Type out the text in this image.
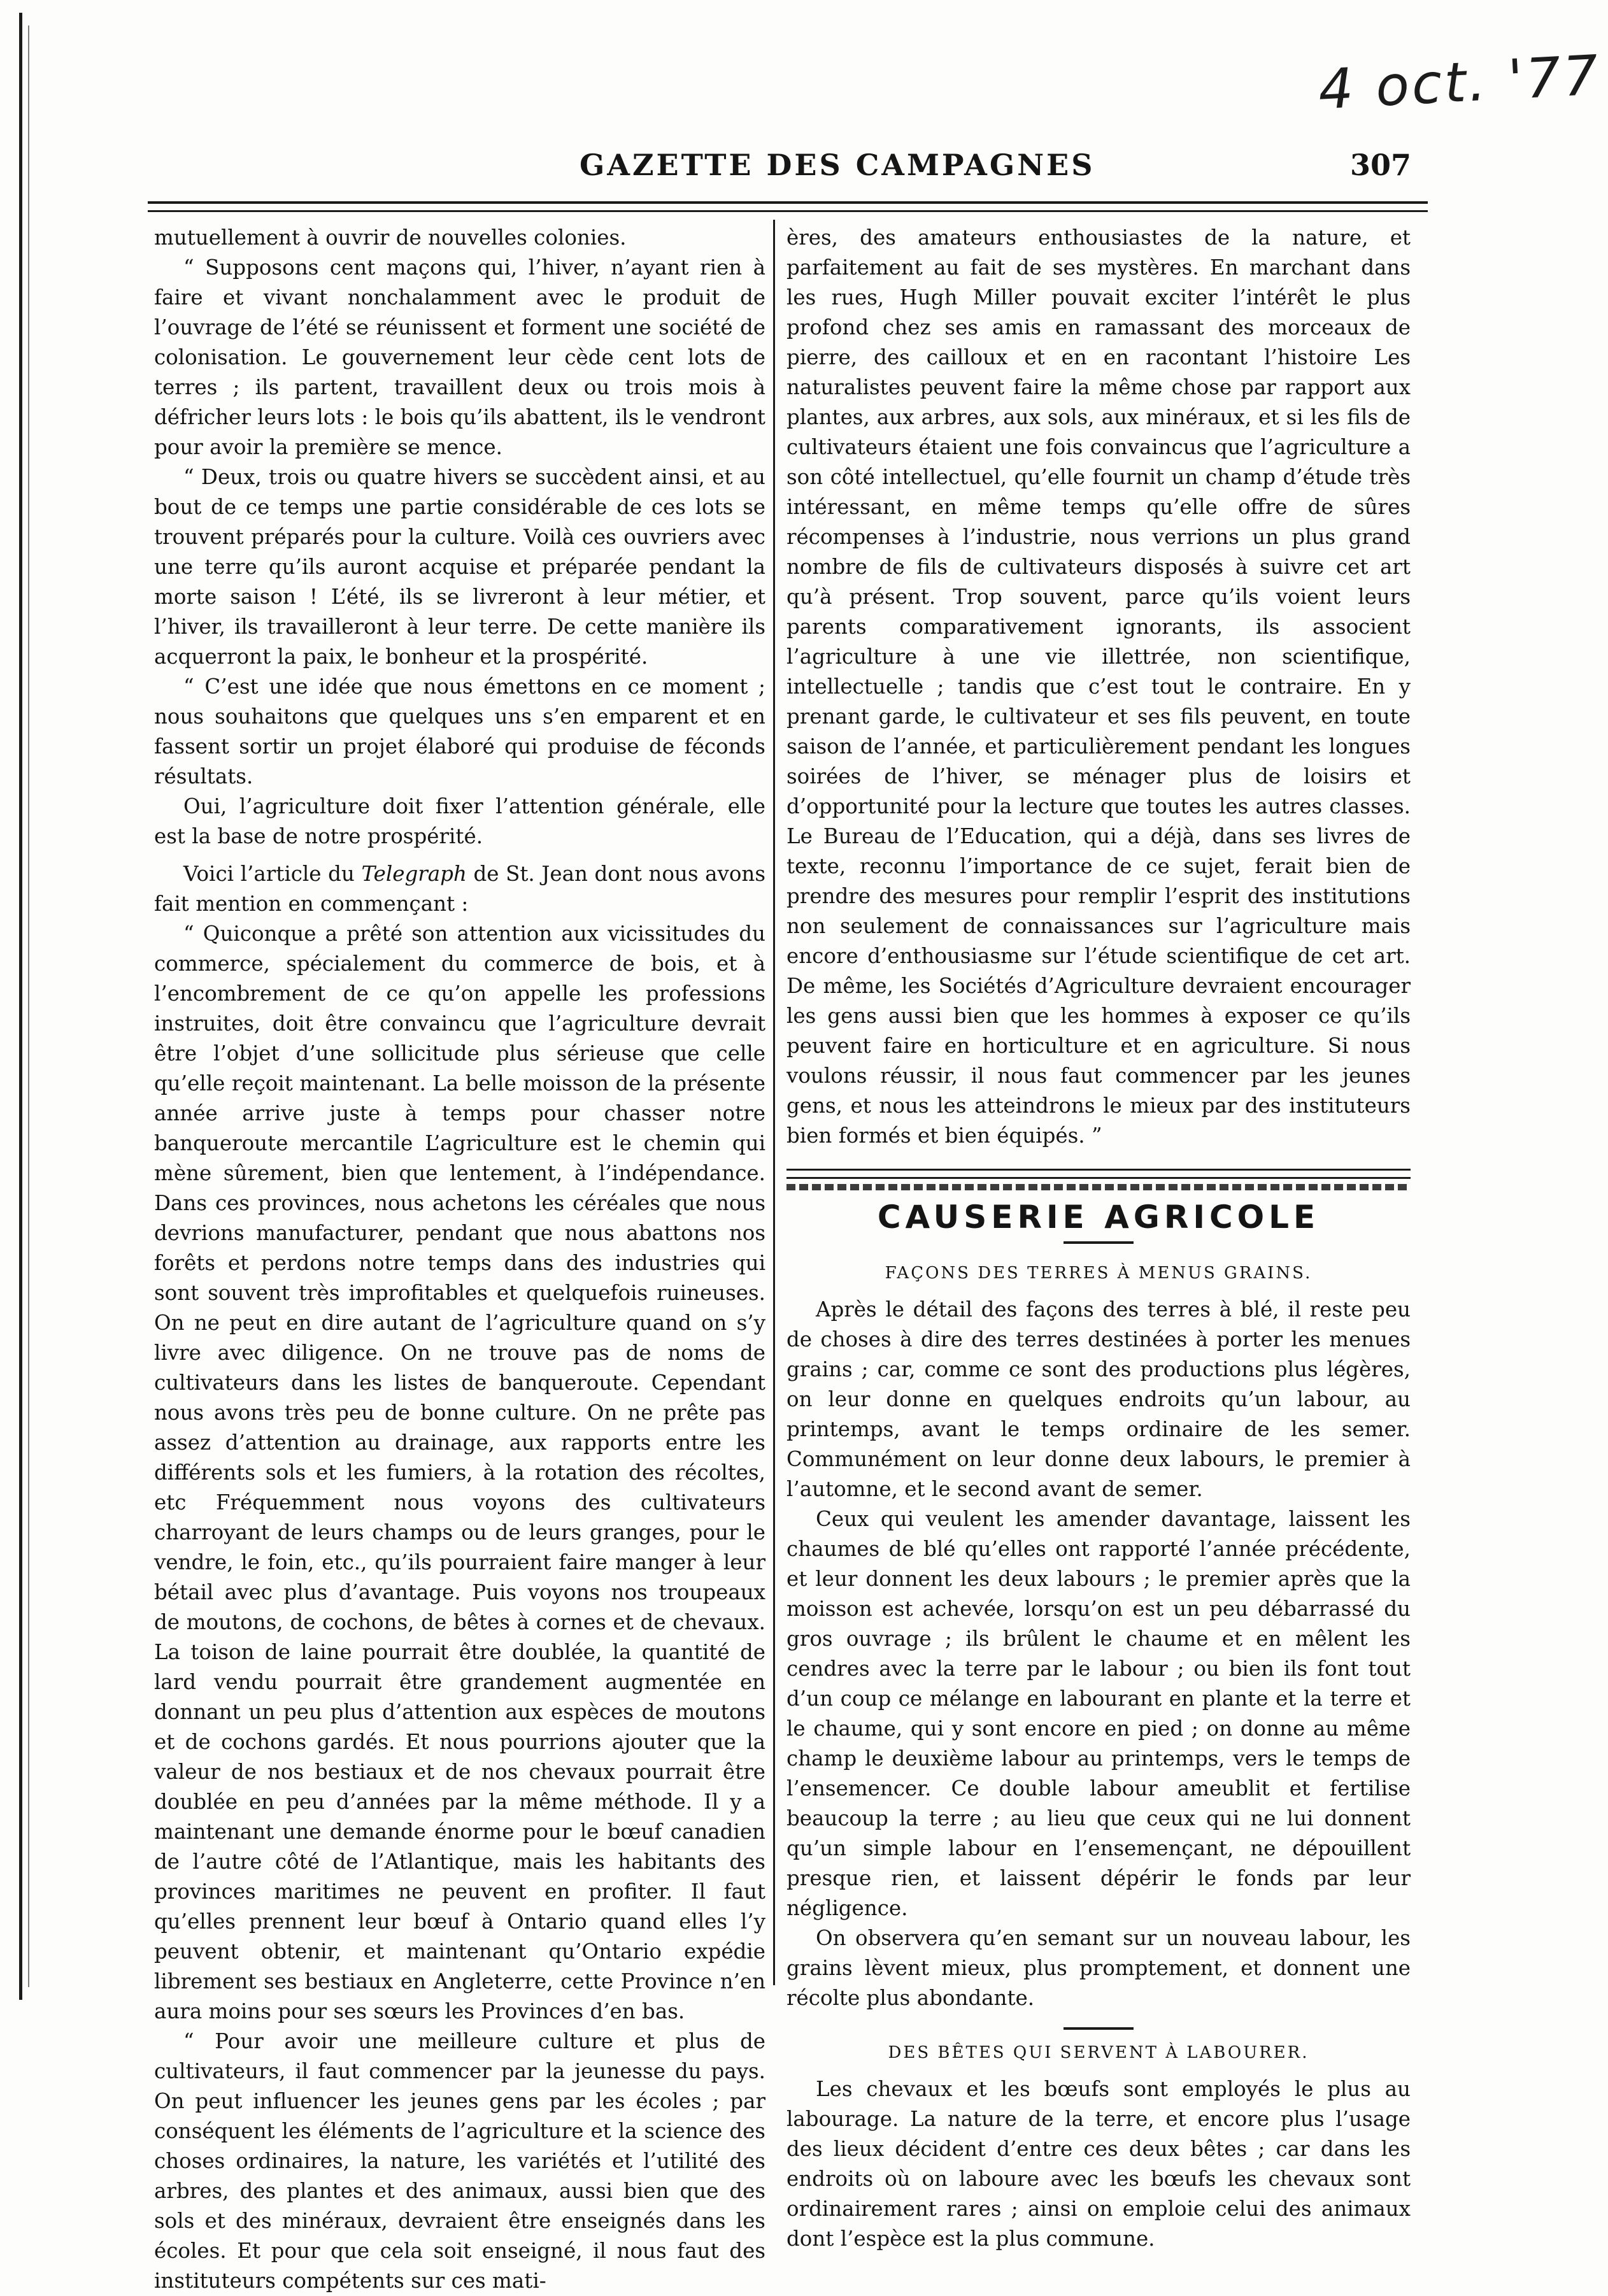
4 oct. '77
GAZETTE DES CAMPAGNES	307

mutuellement à ouvrir de nouvelles colonies.

“ Supposons cent maçons qui, l’hiver, n’ayant rien à faire et vivant nonchalamment avec le produit de l’ouvrage de l’été se réunissent et forment une société de colonisation. Le gouvernement leur cède cent lots de terres ; ils partent, travaillent deux ou trois mois à défricher leurs lots : le bois qu’ils abattent, ils le vendront pour avoir la première se mence.

“ Deux, trois ou quatre hivers se succèdent ainsi, et au bout de ce temps une partie considérable de ces lots se trouvent préparés pour la culture. Voilà ces ouvriers avec une terre qu’ils auront acquise et préparée pendant la morte saison ! L’été, ils se livreront à leur métier, et l’hiver, ils travailleront à leur terre. De cette manière ils acquerront la paix, le bonheur et la prospérité.

“ C’est une idée que nous émettons en ce moment ; nous souhaitons que quelques uns s’en emparent et en fassent sortir un projet élaboré qui produise de féconds résultats.

Oui, l’agriculture doit fixer l’attention générale, elle est la base de notre prospérité.

Voici l’article du Telegraph de St. Jean dont nous avons fait mention en commençant :

“ Quiconque a prêté son attention aux vicissitudes du commerce, spécialement du commerce de bois, et à l’encombrement de ce qu’on appelle les professions instruites, doit être convaincu que l’agriculture devrait être l’objet d’une sollicitude plus sérieuse que celle qu’elle reçoit maintenant. La belle moisson de la présente année arrive juste à temps pour chasser notre banqueroute mercantile L’agriculture est le chemin qui mène sûrement, bien que lentement, à l’indépendance. Dans ces provinces, nous achetons les céréales que nous devrions manufacturer, pendant que nous abattons nos forêts et perdons notre temps dans des industries qui sont souvent très improfitables et quelquefois ruineuses. On ne peut en dire autant de l’agriculture quand on s’y livre avec diligence. On ne trouve pas de noms de cultivateurs dans les listes de banqueroute. Cependant nous avons très peu de bonne culture. On ne prête pas assez d’attention au drainage, aux rapports entre les différents sols et les fumiers, à la rotation des récoltes, etc Fréquemment nous voyons des cultivateurs charroyant de leurs champs ou de leurs granges, pour le vendre, le foin, etc., qu’ils pourraient faire manger à leur bétail avec plus d’avantage. Puis voyons nos troupeaux de moutons, de cochons, de bêtes à cornes et de chevaux. La toison de laine pourrait être doublée, la quantité de lard vendu pourrait être grandement augmentée en donnant un peu plus d’attention aux espèces de moutons et de cochons gardés. Et nous pourrions ajouter que la valeur de nos bestiaux et de nos chevaux pourrait être doublée en peu d’années par la même méthode. Il y a maintenant une demande énorme pour le bœuf canadien de l’autre côté de l’Atlantique, mais les habitants des provinces maritimes ne peuvent en profiter. Il faut qu’elles prennent leur bœuf à Ontario quand elles l’y peuvent obtenir, et maintenant qu’Ontario expédie librement ses bestiaux en Angleterre, cette Province n’en aura moins pour ses sœurs les Provinces d’en bas.

“ Pour avoir une meilleure culture et plus de cultivateurs, il faut commencer par la jeunesse du pays. On peut influencer les jeunes gens par les écoles ; par conséquent les éléments de l’agriculture et la science des choses ordinaires, la nature, les variétés et l’utilité des arbres, des plantes et des animaux, aussi bien que des sols et des minéraux, devraient être enseignés dans les écoles. Et pour que cela soit enseigné, il nous faut des instituteurs compétents sur ces mati-

ères, des amateurs enthousiastes de la nature, et parfaitement au fait de ses mystères. En marchant dans les rues, Hugh Miller pouvait exciter l’intérêt le plus profond chez ses amis en ramassant des morceaux de pierre, des cailloux et en en racontant l’histoire Les naturalistes peuvent faire la même chose par rapport aux plantes, aux arbres, aux sols, aux minéraux, et si les fils de cultivateurs étaient une fois convaincus que l’agriculture a son côté intellectuel, qu’elle fournit un champ d’étude très intéressant, en même temps qu’elle offre de sûres récompenses à l’industrie, nous verrions un plus grand nombre de fils de cultivateurs disposés à suivre cet art qu’à présent. Trop souvent, parce qu’ils voient leurs parents comparativement ignorants, ils associent l’agriculture à une vie illettrée, non scientifique, intellectuelle ; tandis que c’est tout le contraire. En y prenant garde, le cultivateur et ses fils peuvent, en toute saison de l’année, et particulièrement pendant les longues soirées de l’hiver, se ménager plus de loisirs et d’opportunité pour la lecture que toutes les autres classes. Le Bureau de l’Education, qui a déjà, dans ses livres de texte, reconnu l’importance de ce sujet, ferait bien de prendre des mesures pour remplir l’esprit des institutions non seulement de connaissances sur l’agriculture mais encore d’enthousiasme sur l’étude scientifique de cet art. De même, les Sociétés d’Agriculture devraient encourager les gens aussi bien que les hommes à exposer ce qu’ils peuvent faire en horticulture et en agriculture. Si nous voulons réussir, il nous faut commencer par les jeunes gens, et nous les atteindrons le mieux par des instituteurs bien formés et bien équipés. ”

CAUSERIE AGRICOLE
FAÇONS DES TERRES À MENUS GRAINS.

Après le détail des façons des terres à blé, il reste peu de choses à dire des terres destinées à porter les menues grains ; car, comme ce sont des productions plus légères, on leur donne en quelques endroits qu’un labour, au printemps, avant le temps ordinaire de les semer. Communément on leur donne deux labours, le premier à l’automne, et le second avant de semer.

Ceux qui veulent les amender davantage, laissent les chaumes de blé qu’elles ont rapporté l’année précédente, et leur donnent les deux labours ; le premier après que la moisson est achevée, lorsqu’on est un peu débarrassé du gros ouvrage ; ils brûlent le chaume et en mêlent les cendres avec la terre par le labour ; ou bien ils font tout d’un coup ce mélange en labourant en plante et la terre et le chaume, qui y sont encore en pied ; on donne au même champ le deuxième labour au printemps, vers le temps de l’ensemencer. Ce double labour ameublit et fertilise beaucoup la terre ; au lieu que ceux qui ne lui donnent qu’un simple labour en l’ensemençant, ne dépouillent presque rien, et laissent dépérir le fonds par leur négligence.

On observera qu’en semant sur un nouveau labour, les grains lèvent mieux, plus promptement, et donnent une récolte plus abondante.

DES BÊTES QUI SERVENT À LABOURER.

Les chevaux et les bœufs sont employés le plus au labourage. La nature de la terre, et encore plus l’usage des lieux décident d’entre ces deux bêtes ; car dans les endroits où on laboure avec les bœufs les chevaux sont ordinairement rares ; ainsi on emploie celui des animaux dont l’espèce est la plus commune.
